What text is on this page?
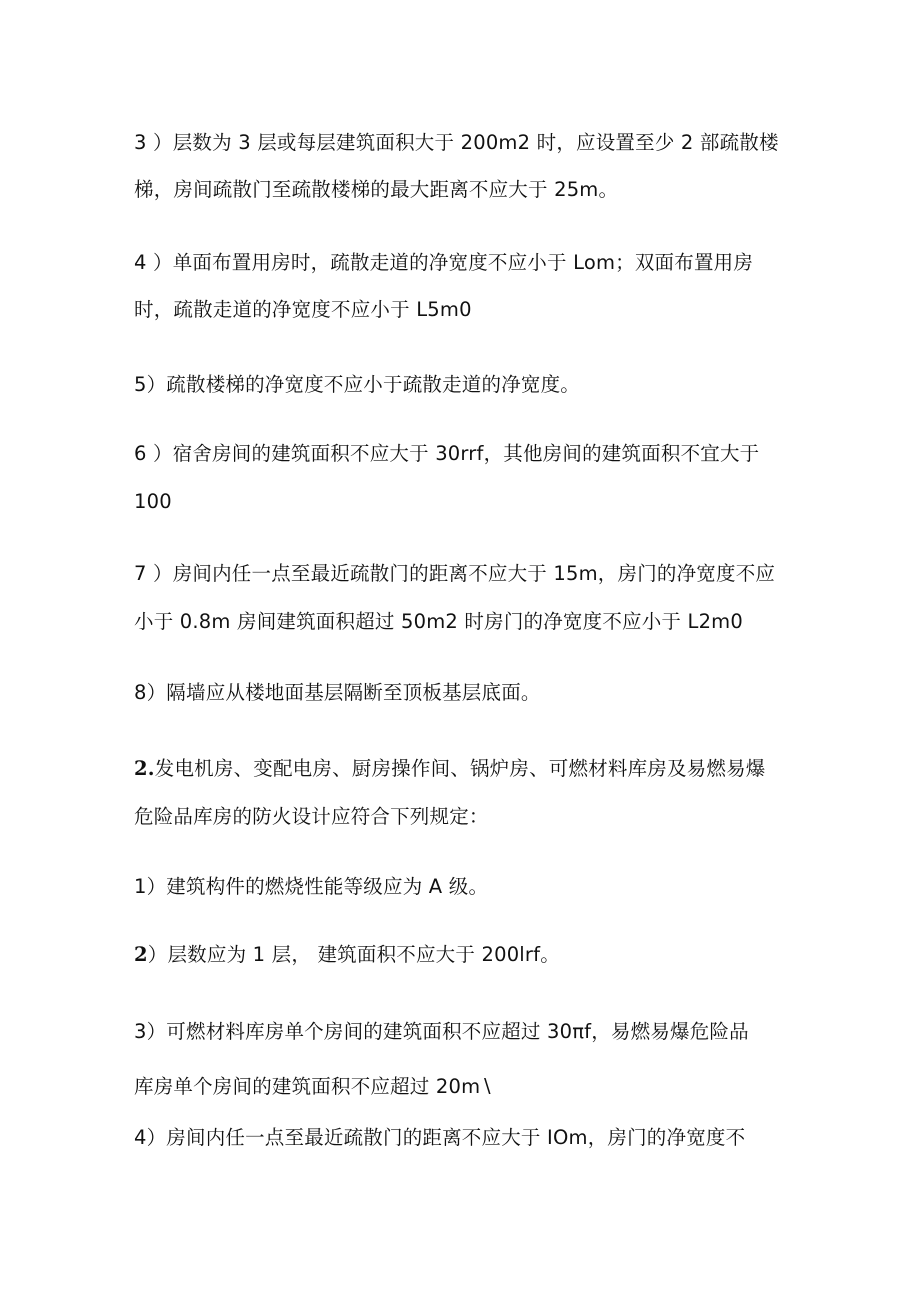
3 ）层数为 3 层或每层建筑面积大于 200m2 时，应设置至少 2 部疏散楼
梯，房间疏散门至疏散楼梯的最大距离不应大于 25m。
4 ）单面布置用房时，疏散走道的净宽度不应小于 Lom；双面布置用房
时，疏散走道的净宽度不应小于 L5m0
5）疏散楼梯的净宽度不应小于疏散走道的净宽度。
6 ）宿舍房间的建筑面积不应大于 30rrf，其他房间的建筑面积不宜大于
100
7 ）房间内任一点至最近疏散门的距离不应大于 15m，房门的净宽度不应
小于 0.8m 房间建筑面积超过 50m2 时房门的净宽度不应小于 L2m0
8）隔墙应从楼地面基层隔断至顶板基层底面。
2.发电机房、变配电房、厨房操作间、锅炉房、可燃材料库房及易燃易爆
危险品库房的防火设计应符合下列规定：
1）建筑构件的燃烧性能等级应为 A 级。
2）层数应为 1 层， 建筑面积不应大于 200lrf。
3）可燃材料库房单个房间的建筑面积不应超过 30πf，易燃易爆危险品
库房单个房间的建筑面积不应超过 20m∖
4）房间内任一点至最近疏散门的距离不应大于 IOm，房门的净宽度不
